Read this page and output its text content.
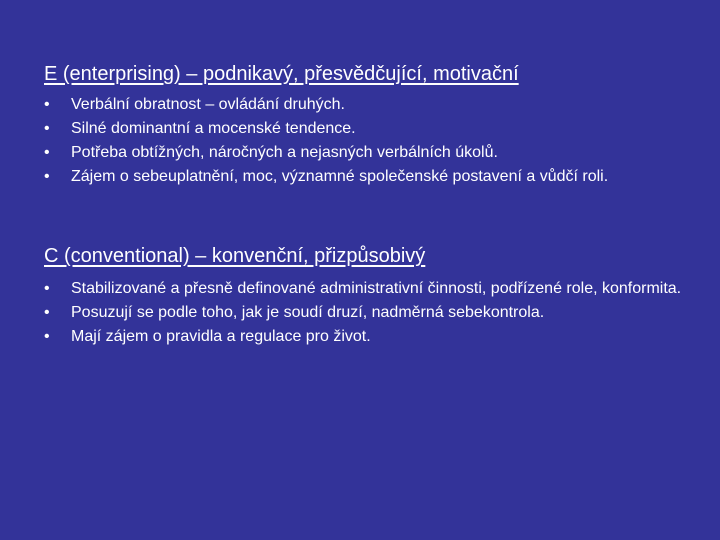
E (enterprising) – podnikavý, přesvědčující, motivační
•	Verbální obratnost – ovládání druhých.
•	Silné dominantní a mocenské tendence.
•	Potřeba obtížných, náročných a nejasných verbálních úkolů.
•	Zájem o sebeuplatnění, moc, významné společenské postavení a vůdčí roli.
C (conventional) – konvenční, přizpůsobivý
•	Stabilizované a přesně definované administrativní činnosti, podřízené role, konformita.
•	Posuzují se podle toho, jak je soudí druzí, nadměrná sebekontrola.
•	Mají zájem o pravidla a regulace pro život.
